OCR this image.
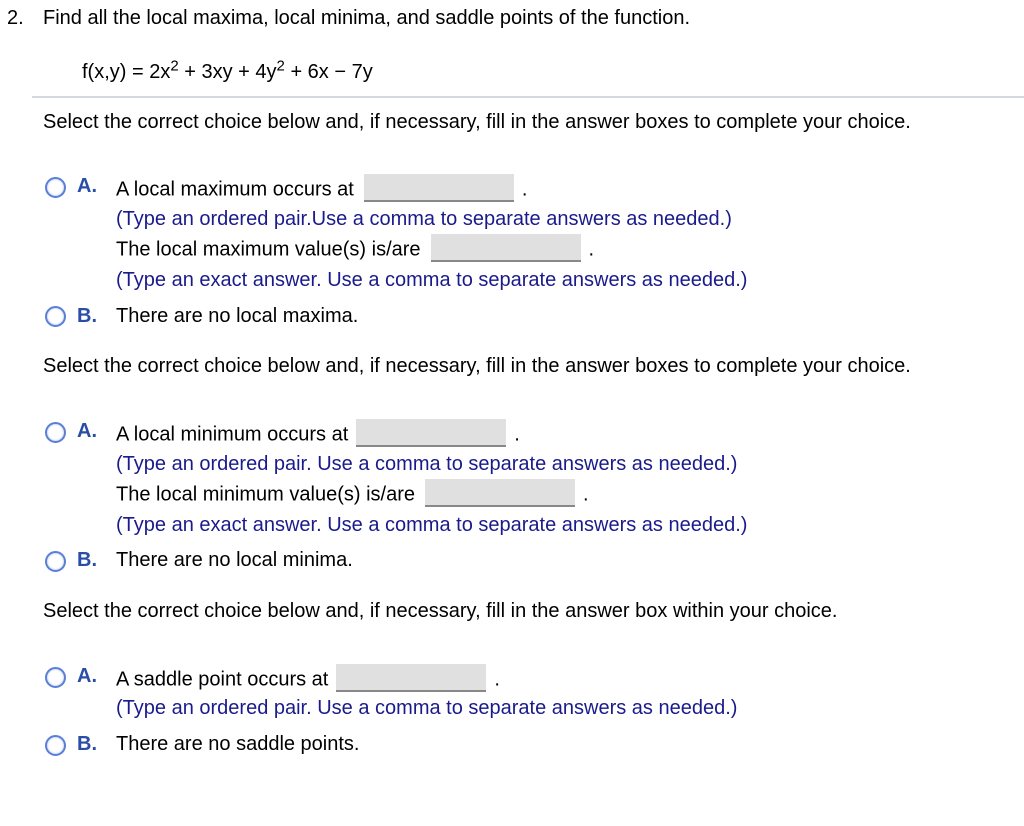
2. Find all the local maxima, local minima, and saddle points of the function.
$f(x,y) = 2x^2 + 3xy + 4y^2 + 6x - 7y$
Select the correct choice below and, if necessary, fill in the answer boxes to complete your choice.
A. A local maximum occurs at	.
(Type an ordered pair.Use a comma to separate answers as needed.)
The local maximum value(s) is/are	.
(Type an exact answer. Use a comma to separate answers as needed.)
B. There are no local maxima.
Select the correct choice below and, if necessary, fill in the answer boxes to complete your choice.
A. A local minimum occurs at	.
(Type an ordered pair. Use a comma to separate answers as needed.)
The local minimum value(s) is/are	.
(Type an exact answer. Use a comma to separate answers as needed.)
B. There are no local minima.
Select the correct choice below and, if necessary, fill in the answer box within your choice.
A. A saddle point occurs at	.
(Type an ordered pair. Use a comma to separate answers as needed.)
B. There are no saddle points.
